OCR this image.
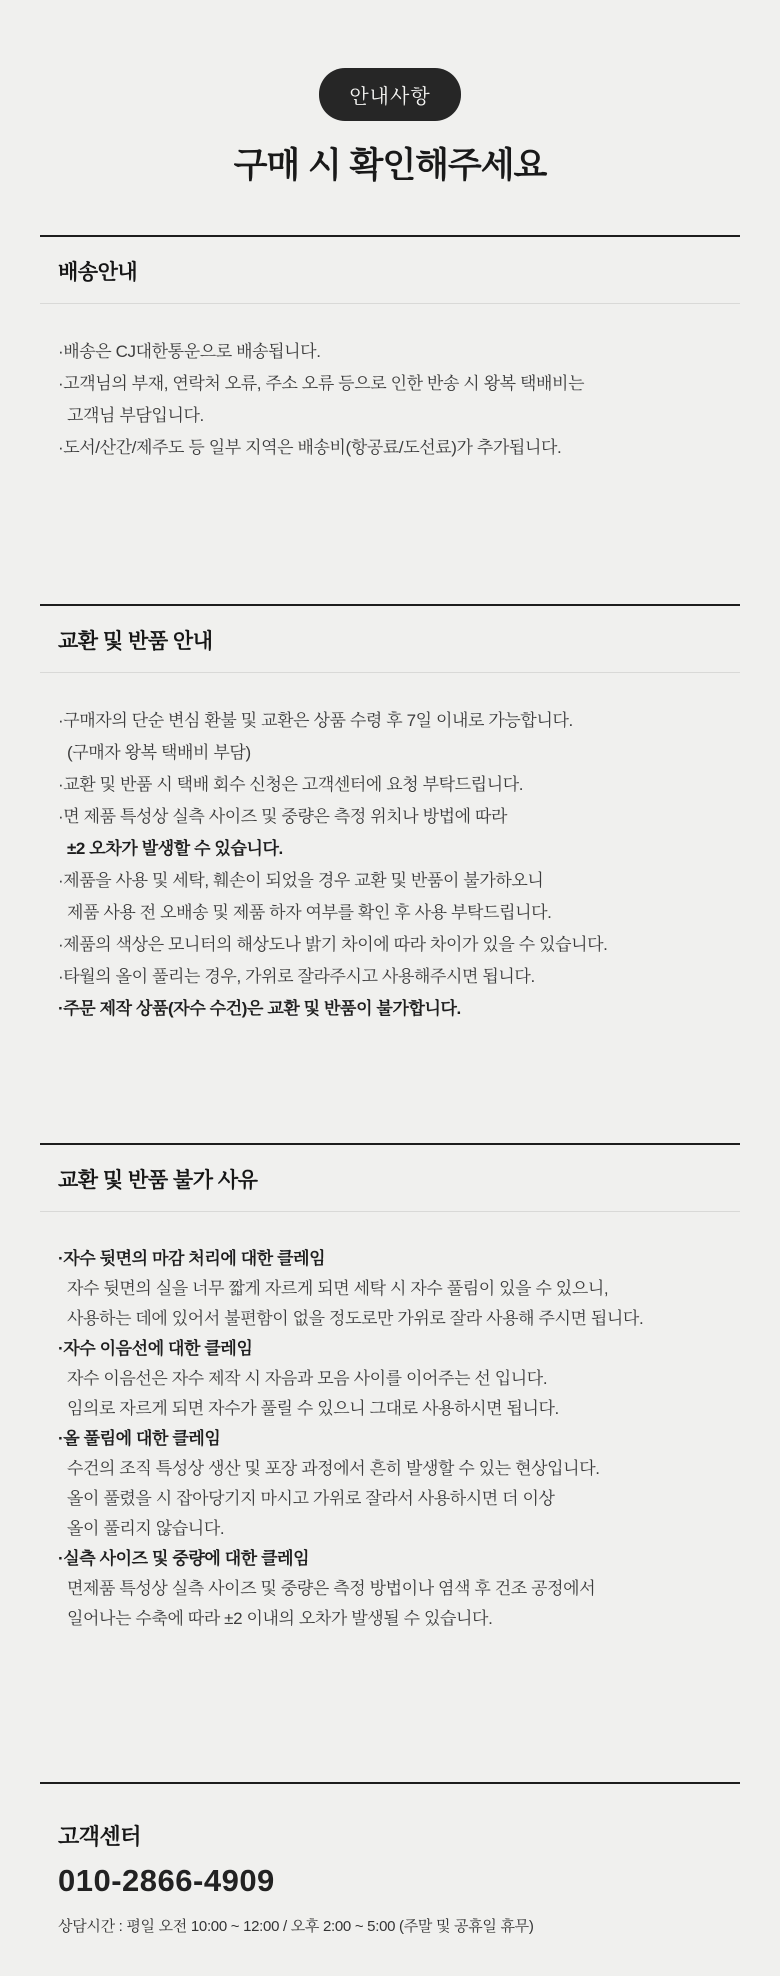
안내사항
구매 시 확인해주세요
배송안내
·배송은 CJ대한통운으로 배송됩니다.
·고객님의 부재, 연락처 오류, 주소 오류 등으로 인한 반송 시 왕복 택배비는
고객님 부담입니다.
·도서/산간/제주도 등 일부 지역은 배송비(항공료/도선료)가 추가됩니다.
교환 및 반품 안내
·구매자의 단순 변심 환불 및 교환은 상품 수령 후 7일 이내로 가능합니다.
(구매자 왕복 택배비 부담)
·교환 및 반품 시 택배 회수 신청은 고객센터에 요청 부탁드립니다.
·면 제품 특성상 실측 사이즈 및 중량은 측정 위치나 방법에 따라
±2 오차가 발생할 수 있습니다.
·제품을 사용 및 세탁, 훼손이 되었을 경우 교환 및 반품이 불가하오니
제품 사용 전 오배송 및 제품 하자 여부를 확인 후 사용 부탁드립니다.
·제품의 색상은 모니터의 해상도나 밝기 차이에 따라 차이가 있을 수 있습니다.
·타월의 올이 풀리는 경우, 가위로 잘라주시고 사용해주시면 됩니다.
·주문 제작 상품(자수 수건)은 교환 및 반품이 불가합니다.
교환 및 반품 불가 사유
·자수 뒷면의 마감 처리에 대한 클레임
자수 뒷면의 실을 너무 짧게 자르게 되면 세탁 시 자수 풀림이 있을 수 있으니,
사용하는 데에 있어서 불편함이 없을 정도로만 가위로 잘라 사용해 주시면 됩니다.
·자수 이음선에 대한 클레임
자수 이음선은 자수 제작 시 자음과 모음 사이를 이어주는 선 입니다.
임의로 자르게 되면 자수가 풀릴 수 있으니 그대로 사용하시면 됩니다.
·올 풀림에 대한 클레임
수건의 조직 특성상 생산 및 포장 과정에서 흔히 발생할 수 있는 현상입니다.
올이 풀렸을 시 잡아당기지 마시고 가위로 잘라서 사용하시면 더 이상
올이 풀리지 않습니다.
·실측 사이즈 및 중량에 대한 클레임
면제품 특성상 실측 사이즈 및 중량은 측정 방법이나 염색 후 건조 공정에서
일어나는 수축에 따라 ±2 이내의 오차가 발생될 수 있습니다.
고객센터
010-2866-4909
상담시간 : 평일 오전 10:00 ~ 12:00 / 오후 2:00 ~ 5:00 (주말 및 공휴일 휴무)
